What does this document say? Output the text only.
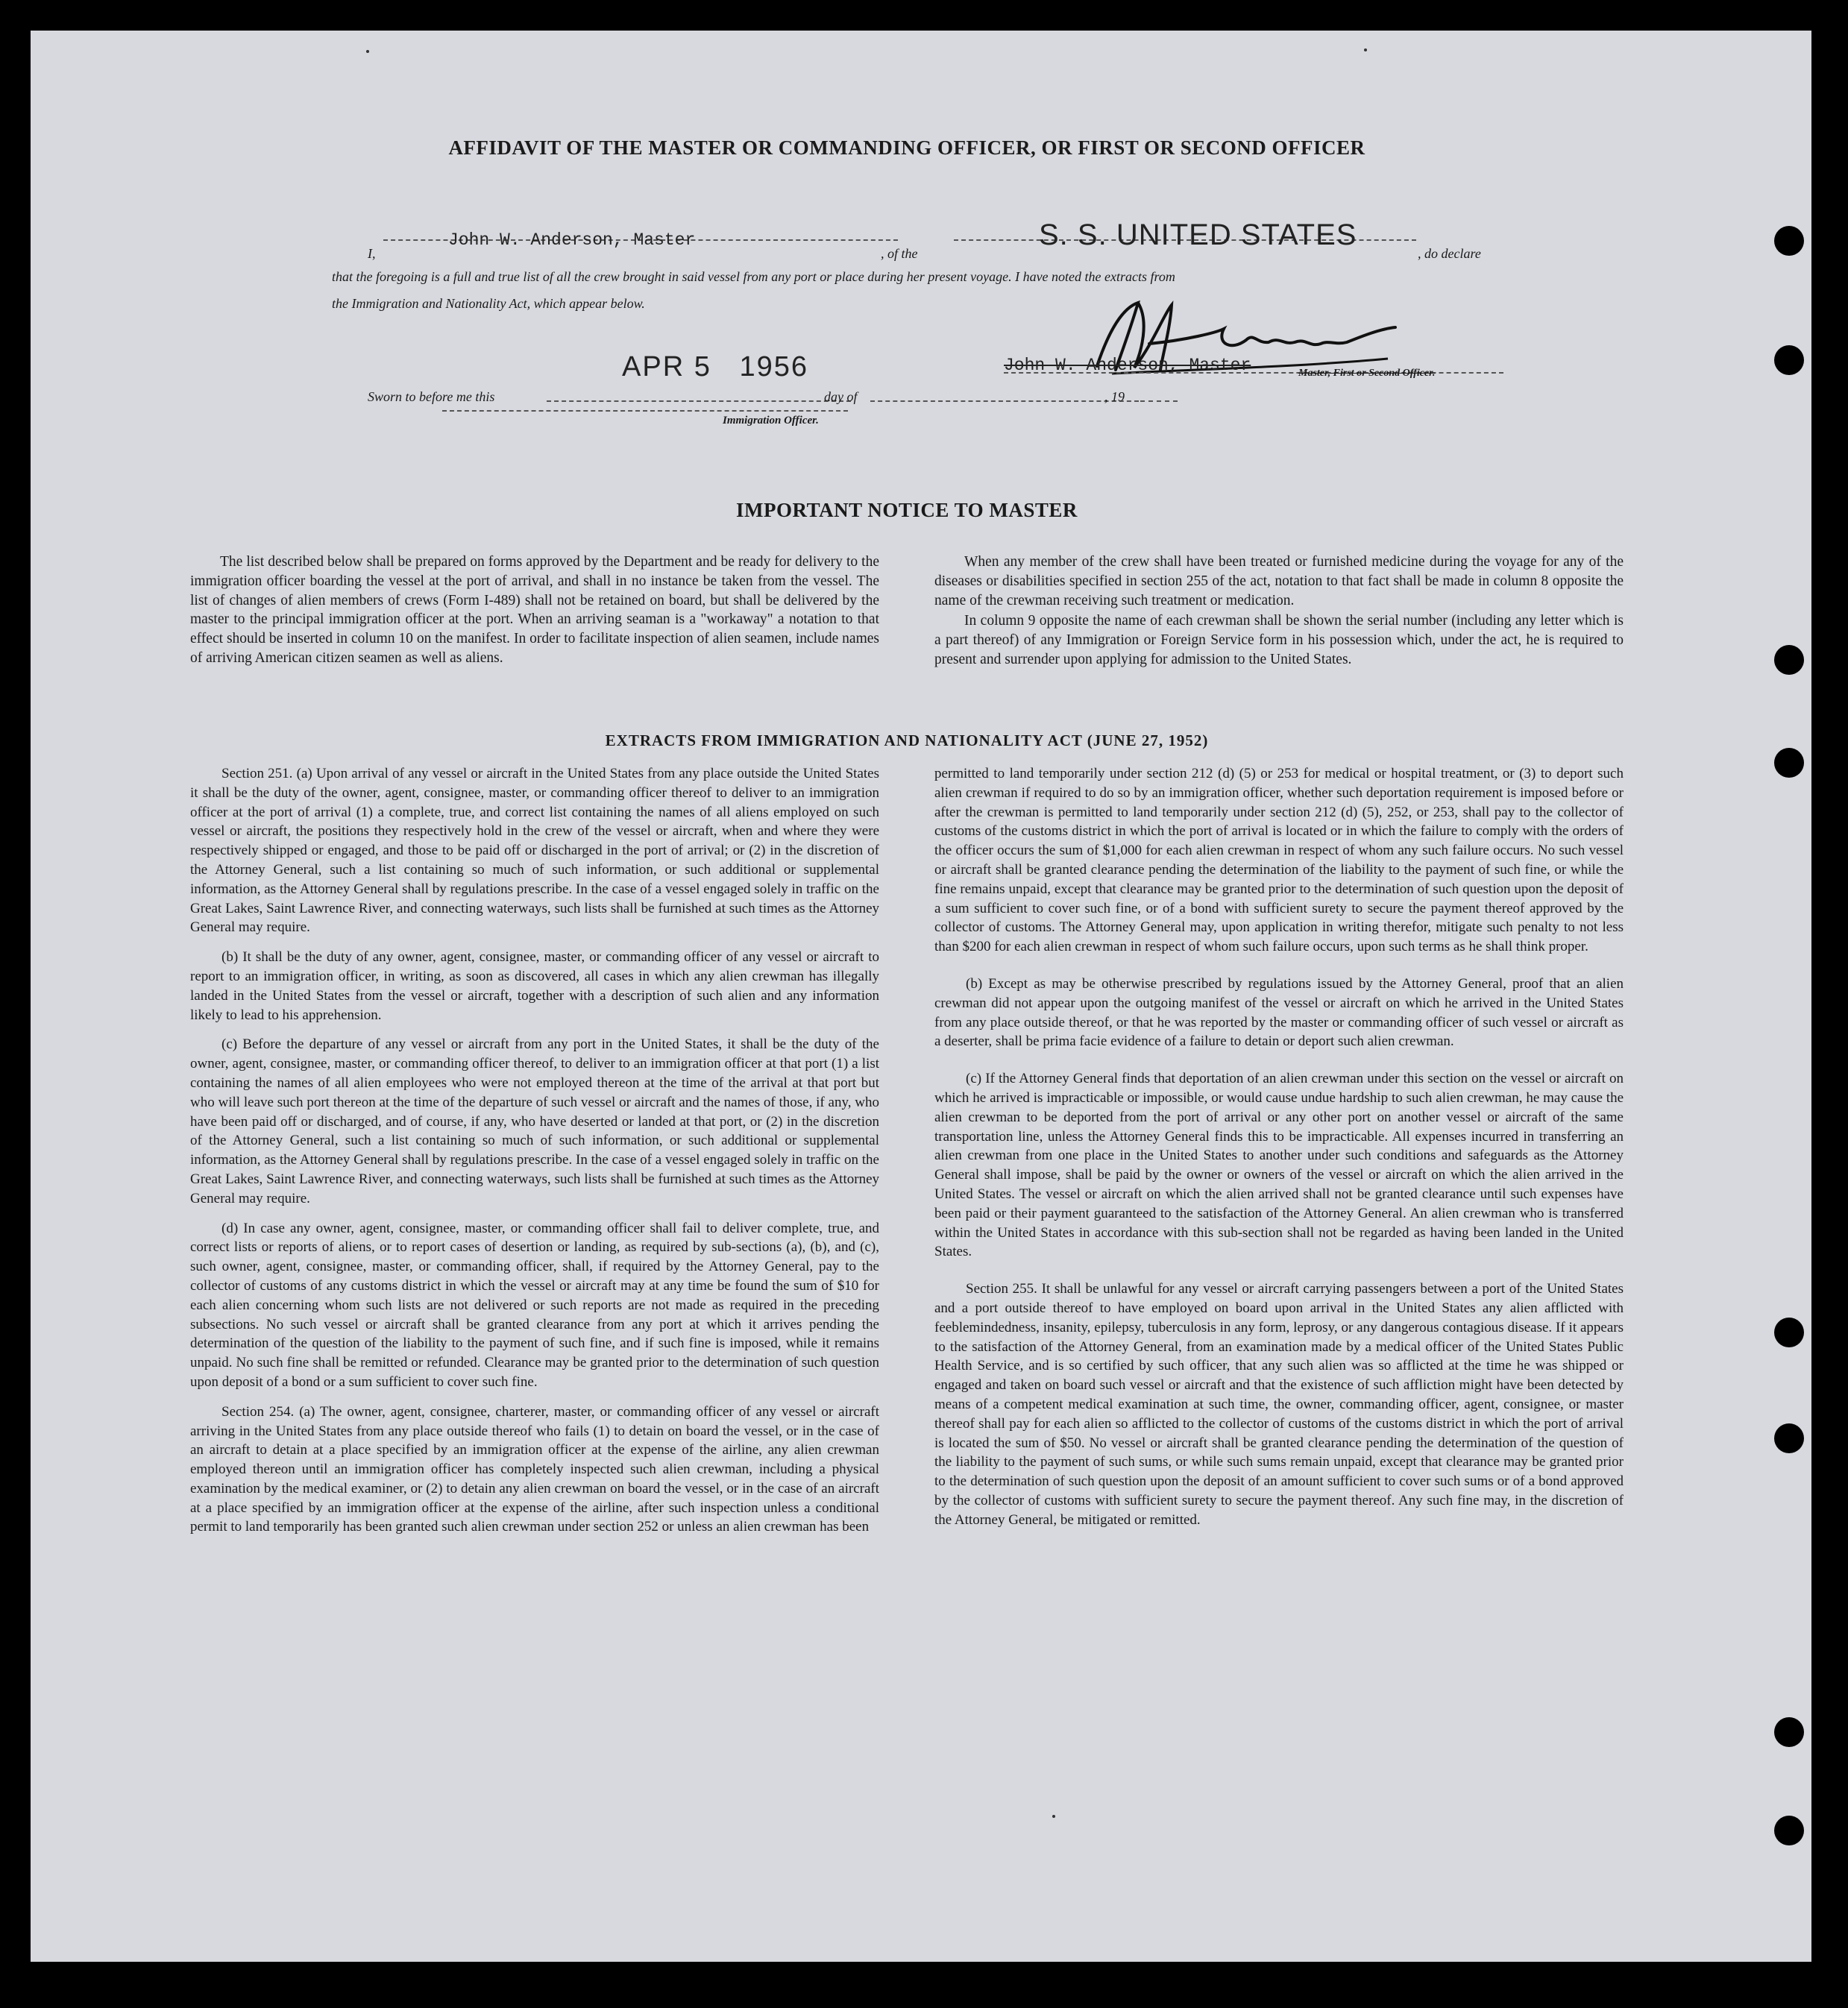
AFFIDAVIT OF THE MASTER OR COMMANDING OFFICER, OR FIRST OR SECOND OFFICER
I,
John W. Anderson, Master
, of the
S. S. UNITED STATES
, do declare
that the foregoing is a full and true list of all the crew brought in said vessel from any port or place during her present voyage. I have noted the extracts from
the Immigration and Nationality Act, which appear below.
APR 5   1956	John W. Anderson, Master	Master, First or Second Officer.
Sworn to before me this	day of	, 19
Immigration Officer.
IMPORTANT NOTICE TO MASTER

The list described below shall be prepared on forms approved by the Department and be ready for delivery to the immigration officer boarding the vessel at the port of arrival, and shall in no instance be taken from the vessel. The list of changes of alien members of crews (Form I-489) shall not be retained on board, but shall be delivered by the master to the principal immigration officer at the port. When an arriving seaman is a "workaway" a notation to that effect should be inserted in column 10 on the manifest. In order to facilitate inspection of alien seamen, include names of arriving American citizen seamen as well as aliens.

When any member of the crew shall have been treated or furnished medicine during the voyage for any of the diseases or disabilities specified in section 255 of the act, notation to that fact shall be made in column 8 opposite the name of the crewman receiving such treatment or medication.

In column 9 opposite the name of each crewman shall be shown the serial number (including any letter which is a part thereof) of any Immigration or Foreign Service form in his possession which, under the act, he is required to present and surrender upon applying for admission to the United States.

EXTRACTS FROM IMMIGRATION AND NATIONALITY ACT (JUNE 27, 1952)

Section 251. (a) Upon arrival of any vessel or aircraft in the United States from any place outside the United States it shall be the duty of the owner, agent, consignee, master, or commanding officer thereof to deliver to an immigration officer at the port of arrival (1) a complete, true, and correct list containing the names of all aliens employed on such vessel or aircraft, the positions they respectively hold in the crew of the vessel or aircraft, when and where they were respectively shipped or engaged, and those to be paid off or discharged in the port of arrival; or (2) in the discretion of the Attorney General, such a list containing so much of such information, or such additional or supplemental information, as the Attorney General shall by regulations prescribe. In the case of a vessel engaged solely in traffic on the Great Lakes, Saint Lawrence River, and connecting waterways, such lists shall be furnished at such times as the Attorney General may require.

(b) It shall be the duty of any owner, agent, consignee, master, or commanding officer of any vessel or aircraft to report to an immigration officer, in writing, as soon as discovered, all cases in which any alien crewman has illegally landed in the United States from the vessel or aircraft, together with a description of such alien and any information likely to lead to his apprehension.

(c) Before the departure of any vessel or aircraft from any port in the United States, it shall be the duty of the owner, agent, consignee, master, or commanding officer thereof, to deliver to an immigration officer at that port (1) a list containing the names of all alien employees who were not employed thereon at the time of the arrival at that port but who will leave such port thereon at the time of the departure of such vessel or aircraft and the names of those, if any, who have been paid off or discharged, and of course, if any, who have deserted or landed at that port, or (2) in the discretion of the Attorney General, such a list containing so much of such information, or such additional or supplemental information, as the Attorney General shall by regulations prescribe. In the case of a vessel engaged solely in traffic on the Great Lakes, Saint Lawrence River, and connecting waterways, such lists shall be furnished at such times as the Attorney General may require.

(d) In case any owner, agent, consignee, master, or commanding officer shall fail to deliver complete, true, and correct lists or reports of aliens, or to report cases of desertion or landing, as required by sub-sections (a), (b), and (c), such owner, agent, consignee, master, or commanding officer, shall, if required by the Attorney General, pay to the collector of customs of any customs district in which the vessel or aircraft may at any time be found the sum of $10 for each alien concerning whom such lists are not delivered or such reports are not made as required in the preceding subsections. No such vessel or aircraft shall be granted clearance from any port at which it arrives pending the determination of the question of the liability to the payment of such fine, and if such fine is imposed, while it remains unpaid. No such fine shall be remitted or refunded. Clearance may be granted prior to the determination of such question upon deposit of a bond or a sum sufficient to cover such fine.

Section 254. (a) The owner, agent, consignee, charterer, master, or commanding officer of any vessel or aircraft arriving in the United States from any place outside thereof who fails (1) to detain on board the vessel, or in the case of an aircraft to detain at a place specified by an immigration officer at the expense of the airline, any alien crewman employed thereon until an immigration officer has completely inspected such alien crewman, including a physical examination by the medical examiner, or (2) to detain any alien crewman on board the vessel, or in the case of an aircraft at a place specified by an immigration officer at the expense of the airline, after such inspection unless a conditional permit to land temporarily has been granted such alien crewman under section 252 or unless an alien crewman has been

permitted to land temporarily under section 212 (d) (5) or 253 for medical or hospital treatment, or (3) to deport such alien crewman if required to do so by an immigration officer, whether such deportation requirement is imposed before or after the crewman is permitted to land temporarily under section 212 (d) (5), 252, or 253, shall pay to the collector of customs of the customs district in which the port of arrival is located or in which the failure to comply with the orders of the officer occurs the sum of $1,000 for each alien crewman in respect of whom any such failure occurs. No such vessel or aircraft shall be granted clearance pending the determination of the liability to the payment of such fine, or while the fine remains unpaid, except that clearance may be granted prior to the determination of such question upon the deposit of a sum sufficient to cover such fine, or of a bond with sufficient surety to secure the payment thereof approved by the collector of customs. The Attorney General may, upon application in writing therefor, mitigate such penalty to not less than $200 for each alien crewman in respect of whom such failure occurs, upon such terms as he shall think proper.

(b) Except as may be otherwise prescribed by regulations issued by the Attorney General, proof that an alien crewman did not appear upon the outgoing manifest of the vessel or aircraft on which he arrived in the United States from any place outside thereof, or that he was reported by the master or commanding officer of such vessel or aircraft as a deserter, shall be prima facie evidence of a failure to detain or deport such alien crewman.

(c) If the Attorney General finds that deportation of an alien crewman under this section on the vessel or aircraft on which he arrived is impracticable or impossible, or would cause undue hardship to such alien crewman, he may cause the alien crewman to be deported from the port of arrival or any other port on another vessel or aircraft of the same transportation line, unless the Attorney General finds this to be impracticable. All expenses incurred in transferring an alien crewman from one place in the United States to another under such conditions and safeguards as the Attorney General shall impose, shall be paid by the owner or owners of the vessel or aircraft on which the alien arrived in the United States. The vessel or aircraft on which the alien arrived shall not be granted clearance until such expenses have been paid or their payment guaranteed to the satisfaction of the Attorney General. An alien crewman who is transferred within the United States in accordance with this sub-section shall not be regarded as having been landed in the United States.

Section 255. It shall be unlawful for any vessel or aircraft carrying passengers between a port of the United States and a port outside thereof to have employed on board upon arrival in the United States any alien afflicted with feeblemindedness, insanity, epilepsy, tuberculosis in any form, leprosy, or any dangerous contagious disease. If it appears to the satisfaction of the Attorney General, from an examination made by a medical officer of the United States Public Health Service, and is so certified by such officer, that any such alien was so afflicted at the time he was shipped or engaged and taken on board such vessel or aircraft and that the existence of such affliction might have been detected by means of a competent medical examination at such time, the owner, commanding officer, agent, consignee, or master thereof shall pay for each alien so afflicted to the collector of customs of the customs district in which the port of arrival is located the sum of $50. No vessel or aircraft shall be granted clearance pending the determination of the question of the liability to the payment of such sums, or while such sums remain unpaid, except that clearance may be granted prior to the determination of such question upon the deposit of an amount sufficient to cover such sums or of a bond approved by the collector of customs with sufficient surety to secure the payment thereof. Any such fine may, in the discretion of the Attorney General, be mitigated or remitted.
